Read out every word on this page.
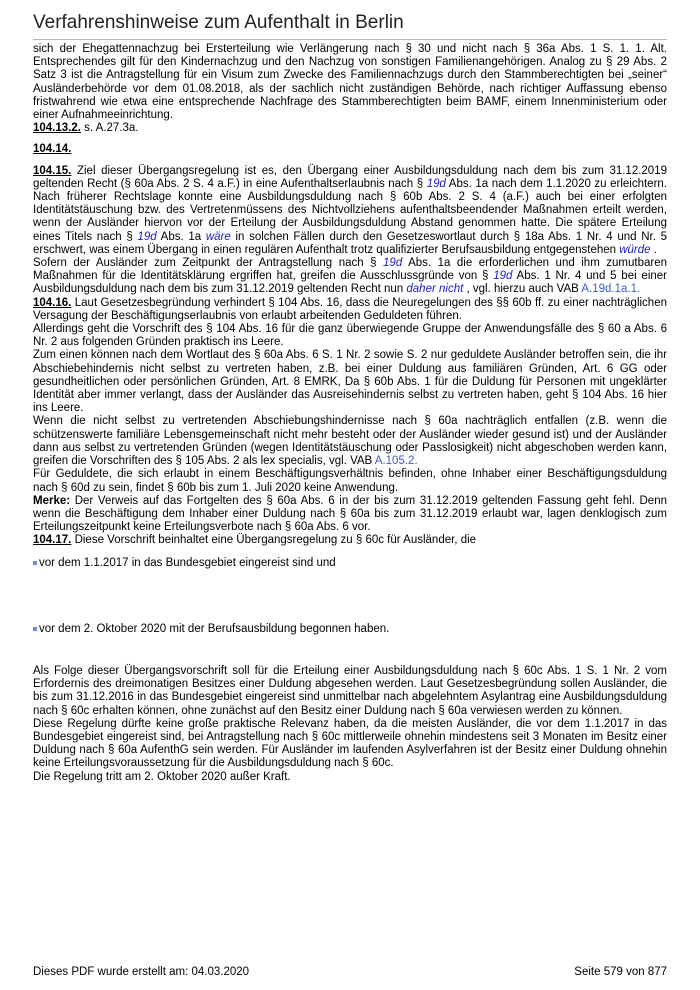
Verfahrenshinweise zum Aufenthalt in Berlin

sich der Ehegattennachzug bei Ersterteilung wie Verlängerung nach § 30 und nicht nach § 36a Abs. 1 S. 1. 1. Alt. Entsprechendes gilt für den Kindernachzug und den Nachzug von sonstigen Familienangehörigen. Analog zu § 29 Abs. 2 Satz 3 ist die Antragstellung für ein Visum zum Zwecke des Familiennachzugs durch den Stammberechtigten bei „seiner“ Ausländerbehörde vor dem 01.08.2018, als der sachlich nicht zuständigen Behörde, nach richtiger Auffassung ebenso fristwahrend wie etwa eine entsprechende Nachfrage des Stammberechtigten beim BAMF, einem Innenministerium oder einer Aufnahmeeinrichtung.

104.13.2. s. A.27.3a.

104.14.

104.15. Ziel dieser Übergangsregelung ist es, den Übergang einer Ausbildungsduldung nach dem bis zum 31.12.2019 geltenden Recht (§ 60a Abs. 2 S. 4 a.F.) in eine Aufenthaltserlaubnis nach § 19d Abs. 1a nach dem 1.1.2020 zu erleichtern. Nach früherer Rechtslage konnte eine Ausbildungsduldung nach § 60b Abs. 2 S. 4 (a.F.) auch bei einer erfolgten Identitätstäuschung bzw. des Vertretenmüssens des Nichtvollziehens aufenthaltsbeendender Maßnahmen erteilt werden, wenn der Ausländer hiervon vor der Erteilung der Ausbildungsduldung Abstand genommen hatte. Die spätere Erteilung eines Titels nach § 19d Abs. 1a wäre in solchen Fällen durch den Gesetzeswortlaut durch § 18a Abs. 1 Nr. 4 und Nr. 5 erschwert, was einem Übergang in einen regulären Aufenthalt trotz qualifizierter Berufsausbildung entgegenstehen würde .

Sofern der Ausländer zum Zeitpunkt der Antragstellung nach § 19d Abs. 1a die erforderlichen und ihm zumutbaren Maßnahmen für die Identitätsklärung ergriffen hat, greifen die Ausschlussgründe von § 19d Abs. 1 Nr. 4 und 5 bei einer Ausbildungsduldung nach dem bis zum 31.12.2019 geltenden Recht nun daher nicht , vgl. hierzu auch VAB A.19d.1a.1.

104.16. Laut Gesetzesbegründung verhindert § 104 Abs. 16, dass die Neuregelungen des §§ 60b ff. zu einer nachträglichen Versagung der Beschäftigungserlaubnis von erlaubt arbeitenden Geduldeten führen.

Allerdings geht die Vorschrift des § 104 Abs. 16 für die ganz überwiegende Gruppe der Anwendungsfälle des § 60 a Abs. 6 Nr. 2 aus folgenden Gründen praktisch ins Leere.

Zum einen können nach dem Wortlaut des § 60a Abs. 6 S. 1 Nr. 2 sowie S. 2 nur geduldete Ausländer betroffen sein, die ihr Abschiebehindernis nicht selbst zu vertreten haben, z.B. bei einer Duldung aus familiären Gründen, Art. 6 GG oder gesundheitlichen oder persönlichen Gründen, Art. 8 EMRK, Da § 60b Abs. 1 für die Duldung für Personen mit ungeklärter Identität aber immer verlangt, dass der Ausländer das Ausreisehindernis selbst zu vertreten haben, geht § 104 Abs. 16 hier ins Leere.

Wenn die nicht selbst zu vertretenden Abschiebungshindernisse nach § 60a nachträglich entfallen (z.B. wenn die schützenswerte familiäre Lebensgemeinschaft nicht mehr besteht oder der Ausländer wieder gesund ist) und der Ausländer dann aus selbst zu vertretenden Gründen (wegen Identitätstäuschung oder Passlosigkeit) nicht abgeschoben werden kann, greifen die Vorschriften des § 105 Abs. 2 als lex specialis, vgl. VAB A.105.2.

Für Geduldete, die sich erlaubt in einem Beschäftigungsverhältnis befinden, ohne Inhaber einer Beschäftigungsduldung nach § 60d zu sein, findet § 60b bis zum 1. Juli 2020 keine Anwendung.

Merke: Der Verweis auf das Fortgelten des § 60a Abs. 6 in der bis zum 31.12.2019 geltenden Fassung geht fehl. Denn wenn die Beschäftigung dem Inhaber einer Duldung nach § 60a bis zum 31.12.2019 erlaubt war, lagen denklogisch zum Erteilungszeitpunkt keine Erteilungsverbote nach § 60a Abs. 6 vor.

104.17. Diese Vorschrift beinhaltet eine Übergangsregelung zu § 60c für Ausländer, die

vor dem 1.1.2017 in das Bundesgebiet eingereist sind und

vor dem 2. Oktober 2020 mit der Berufsausbildung begonnen haben.

Als Folge dieser Übergangsvorschrift soll für die Erteilung einer Ausbildungsduldung nach § 60c Abs. 1 S. 1 Nr. 2 vom Erfordernis des dreimonatigen Besitzes einer Duldung abgesehen werden. Laut Gesetzesbegründung sollen Ausländer, die bis zum 31.12.2016 in das Bundesgebiet eingereist sind unmittelbar nach abgelehntem Asylantrag eine Ausbildungsduldung nach § 60c erhalten können, ohne zunächst auf den Besitz einer Duldung nach § 60a verwiesen werden zu können.

Diese Regelung dürfte keine große praktische Relevanz haben, da die meisten Ausländer, die vor dem 1.1.2017 in das Bundesgebiet eingereist sind, bei Antragstellung nach § 60c mittlerweile ohnehin mindestens seit 3 Monaten im Besitz einer Duldung nach § 60a AufenthG sein werden. Für Ausländer im laufenden Asylverfahren ist der Besitz einer Duldung ohnehin keine Erteilungsvoraussetzung für die Ausbildungsduldung nach § 60c.

Die Regelung tritt am 2. Oktober 2020 außer Kraft.

Dieses PDF wurde erstellt am: 04.03.2020	Seite 579 von 877
